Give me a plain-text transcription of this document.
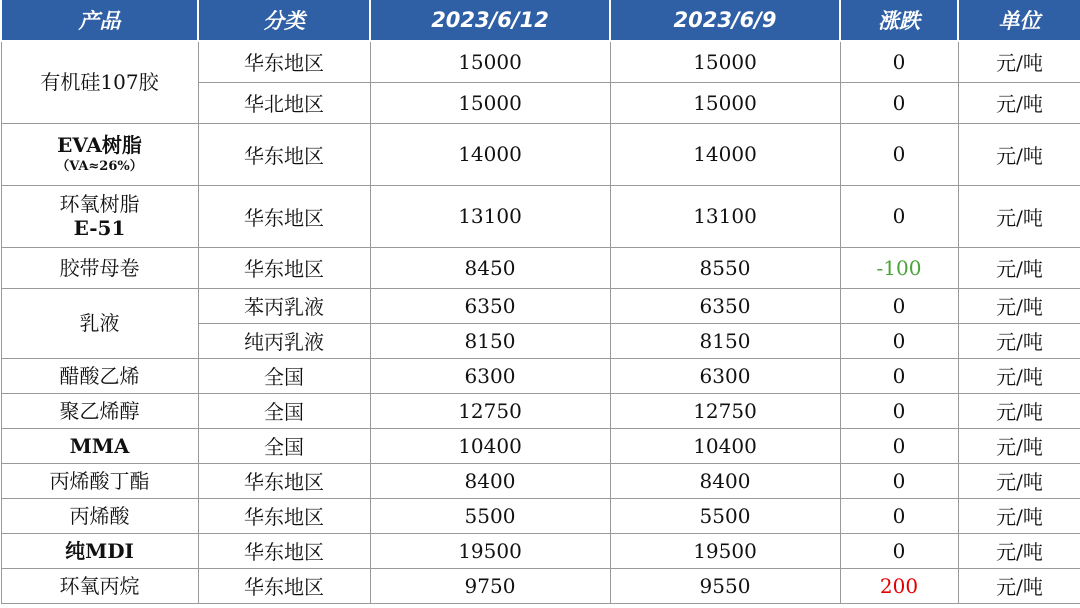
产品	分类	2023/6/12	2023/6/9	涨跌	单位
有机硅107胶	华东地区	15000	15000	0	元/吨
	华北地区	15000	15000	0	元/吨
EVA树脂
（VA≈26%）	华东地区	14000	14000	0	元/吨
环氧树脂
E-51	华东地区	13100	13100	0	元/吨
胶带母卷	华东地区	8450	8550	-100	元/吨
乳液	苯丙乳液	6350	6350	0	元/吨
	纯丙乳液	8150	8150	0	元/吨
醋酸乙烯	全国	6300	6300	0	元/吨
聚乙烯醇	全国	12750	12750	0	元/吨
MMA	全国	10400	10400	0	元/吨
丙烯酸丁酯	华东地区	8400	8400	0	元/吨
丙烯酸	华东地区	5500	5500	0	元/吨
纯MDI	华东地区	19500	19500	0	元/吨
环氧丙烷	华东地区	9750	9550	200	元/吨
